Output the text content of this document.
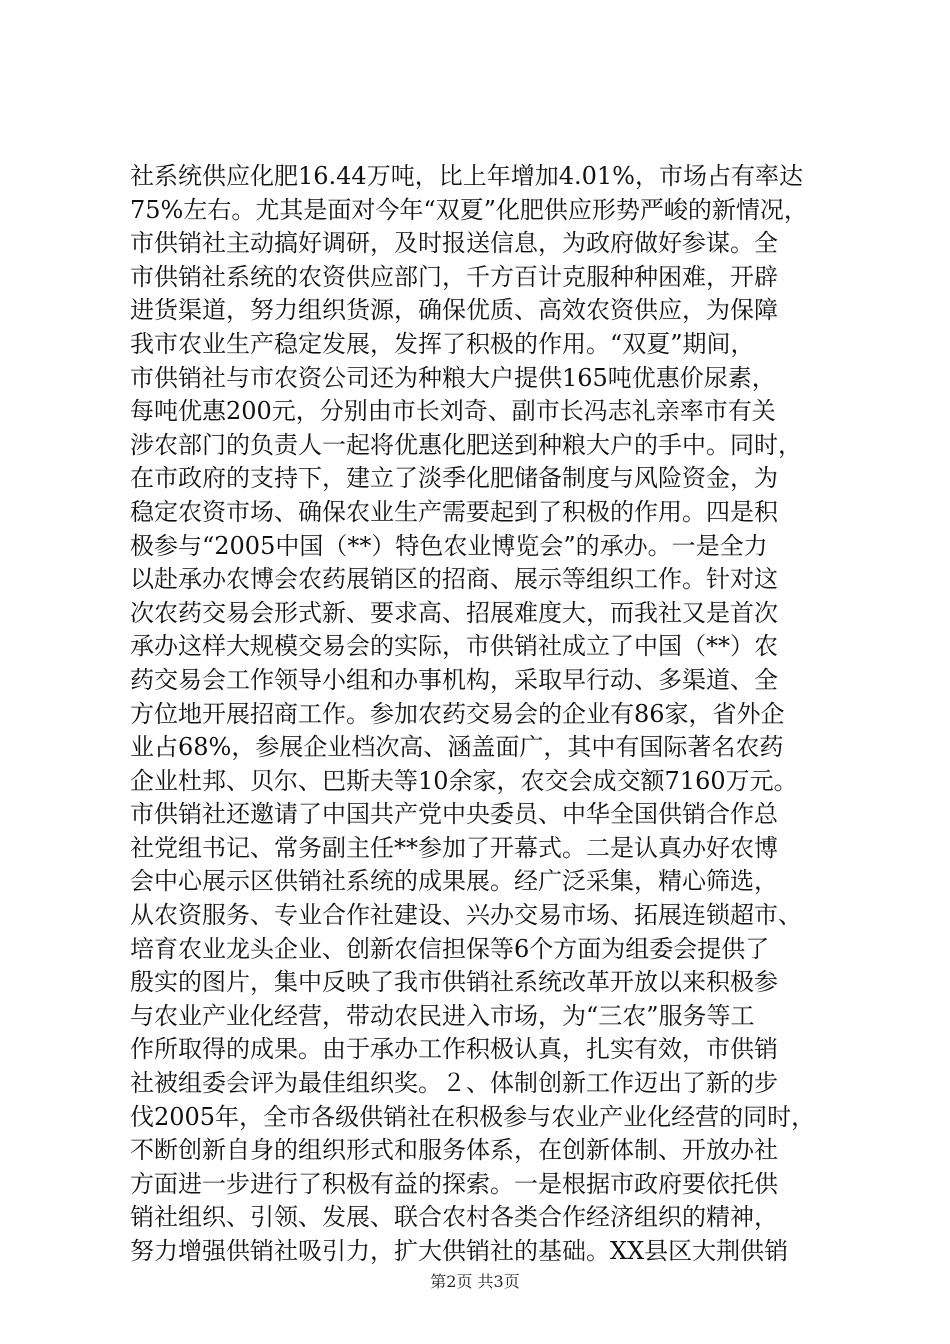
社系统供应化肥16.44万吨，比上年增加4.01%，市场占有率达
75%左右。尤其是面对今年“双夏”化肥供应形势严峻的新情况，
市供销社主动搞好调研，及时报送信息，为政府做好参谋。全
市供销社系统的农资供应部门，千方百计克服种种困难，开辟
进货渠道，努力组织货源，确保优质、高效农资供应，为保障
我市农业生产稳定发展，发挥了积极的作用。“双夏”期间，
市供销社与市农资公司还为种粮大户提供165吨优惠价尿素，
每吨优惠200元，分别由市长刘奇、副市长冯志礼亲率市有关
涉农部门的负责人一起将优惠化肥送到种粮大户的手中。同时，
在市政府的支持下，建立了淡季化肥储备制度与风险资金，为
稳定农资市场、确保农业生产需要起到了积极的作用。四是积
极参与“2005中国（**）特色农业博览会”的承办。一是全力
以赴承办农博会农药展销区的招商、展示等组织工作。针对这
次农药交易会形式新、要求高、招展难度大，而我社又是首次
承办这样大规模交易会的实际，市供销社成立了中国（**）农
药交易会工作领导小组和办事机构，采取早行动、多渠道、全
方位地开展招商工作。参加农药交易会的企业有86家，省外企
业占68%，参展企业档次高、涵盖面广，其中有国际著名农药
企业杜邦、贝尔、巴斯夫等10余家，农交会成交额7160万元。
市供销社还邀请了中国共产党中央委员、中华全国供销合作总
社党组书记、常务副主任**参加了开幕式。二是认真办好农博
会中心展示区供销社系统的成果展。经广泛采集，精心筛选，
从农资服务、专业合作社建设、兴办交易市场、拓展连锁超市、
培育农业龙头企业、创新农信担保等6个方面为组委会提供了
殷实的图片，集中反映了我市供销社系统改革开放以来积极参
与农业产业化经营，带动农民进入市场，为“三农”服务等工
作所取得的成果。由于承办工作积极认真，扎实有效，市供销
社被组委会评为最佳组织奖。２、体制创新工作迈出了新的步
伐2005年，全市各级供销社在积极参与农业产业化经营的同时，
不断创新自身的组织形式和服务体系，在创新体制、开放办社
方面进一步进行了积极有益的探索。一是根据市政府要依托供
销社组织、引领、发展、联合农村各类合作经济组织的精神，
努力增强供销社吸引力，扩大供销社的基础。XX县区大荆供销
第2页 共3页
